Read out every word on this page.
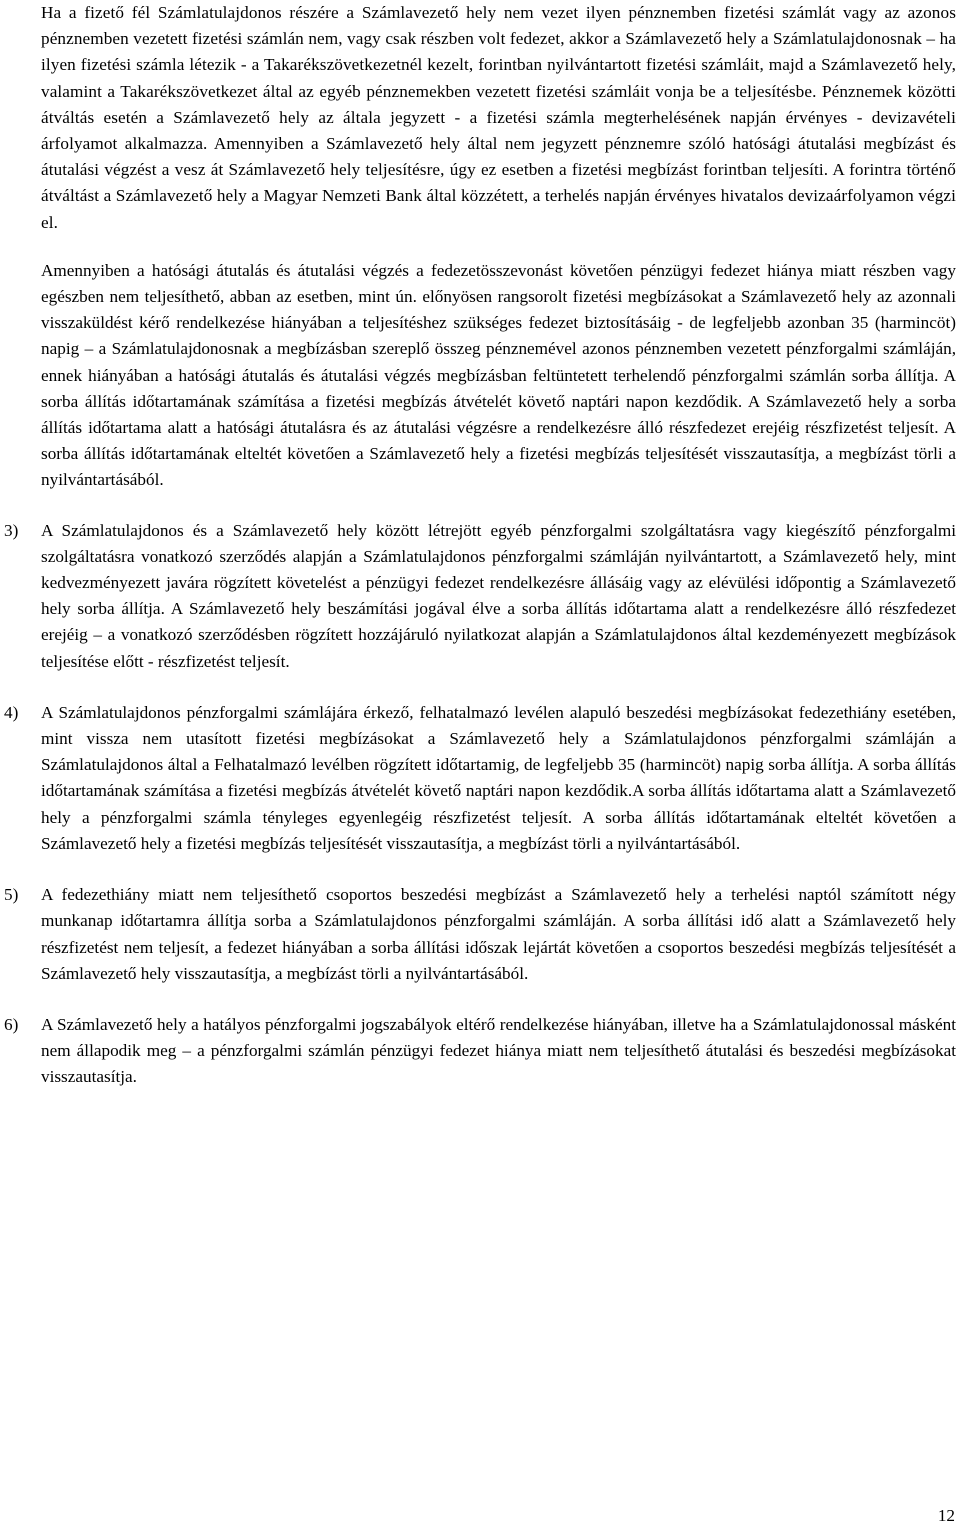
Ha a fizető fél Számlatulajdonos részére a Számlavezető hely nem vezet ilyen pénznemben fizetési számlát vagy az azonos pénznemben vezetett fizetési számlán nem, vagy csak részben volt fedezet, akkor a Számlavezető hely a Számlatulajdonosnak – ha ilyen fizetési számla létezik - a Takarékszövetkezetnél kezelt, forintban nyilvántartott fizetési számláit, majd a Számlavezető hely, valamint a Takarékszövetkezet által az egyéb pénznemekben vezetett fizetési számláit vonja be a teljesítésbe. Pénznemek közötti átváltás esetén a Számlavezető hely az általa jegyzett - a fizetési számla megterhelésének napján érvényes - devizavételi árfolyamot alkalmazza. Amennyiben a Számlavezető hely által nem jegyzett pénznemre szóló hatósági átutalási megbízást és átutalási végzést a vesz át Számlavezető hely teljesítésre, úgy ez esetben a fizetési megbízást forintban teljesíti. A forintra történő átváltást a Számlavezető hely a Magyar Nemzeti Bank által közzétett, a terhelés napján érvényes hivatalos devizaárfolyamon végzi el.

Amennyiben a hatósági átutalás és átutalási végzés a fedezetösszevonást követően pénzügyi fedezet hiánya miatt részben vagy egészben nem teljesíthető, abban az esetben, mint ún. előnyösen rangsorolt fizetési megbízásokat a Számlavezető hely az azonnali visszaküldést kérő rendelkezése hiányában a teljesítéshez szükséges fedezet biztosításáig - de legfeljebb azonban 35 (harmincöt) napig – a Számlatulajdonosnak a megbízásban szereplő összeg pénznemével azonos pénznemben vezetett pénzforgalmi számláján, ennek hiányában a hatósági átutalás és átutalási végzés megbízásban feltüntetett terhelendő pénzforgalmi számlán sorba állítja. A sorba állítás időtartamának számítása a fizetési megbízás átvételét követő naptári napon kezdődik. A Számlavezető hely a sorba állítás időtartama alatt a hatósági átutalásra és az átutalási végzésre a rendelkezésre álló részfedezet erejéig részfizetést teljesít. A sorba állítás időtartamának elteltét követően a Számlavezető hely a fizetési megbízás teljesítését visszautasítja, a megbízást törli a nyilvántartásából.

3) A Számlatulajdonos és a Számlavezető hely között létrejött egyéb pénzforgalmi szolgáltatásra vagy kiegészítő pénzforgalmi szolgáltatásra vonatkozó szerződés alapján a Számlatulajdonos pénzforgalmi számláján nyilvántartott, a Számlavezető hely, mint kedvezményezett javára rögzített követelést a pénzügyi fedezet rendelkezésre állásáig vagy az elévülési időpontig a Számlavezető hely sorba állítja. A Számlavezető hely beszámítási jogával élve a sorba állítás időtartama alatt a rendelkezésre álló részfedezet erejéig – a vonatkozó szerződésben rögzített hozzájáruló nyilatkozat alapján a Számlatulajdonos által kezdeményezett megbízások teljesítése előtt - részfizetést teljesít.

4) A Számlatulajdonos pénzforgalmi számlájára érkező, felhatalmazó levélen alapuló beszedési megbízásokat fedezethiány esetében, mint vissza nem utasított fizetési megbízásokat a Számlavezető hely a Számlatulajdonos pénzforgalmi számláján a Számlatulajdonos által a Felhatalmazó levélben rögzített időtartamig, de legfeljebb 35 (harmincöt) napig sorba állítja. A sorba állítás időtartamának számítása a fizetési megbízás átvételét követő naptári napon kezdődik.A sorba állítás időtartama alatt a Számlavezető hely a pénzforgalmi számla tényleges egyenlegéig részfizetést teljesít. A sorba állítás időtartamának elteltét követően a Számlavezető hely a fizetési megbízás teljesítését visszautasítja, a megbízást törli a nyilvántartásából.

5) A fedezethiány miatt nem teljesíthető csoportos beszedési megbízást a Számlavezető hely a terhelési naptól számított négy munkanap időtartamra állítja sorba a Számlatulajdonos pénzforgalmi számláján. A sorba állítási idő alatt a Számlavezető hely részfizetést nem teljesít, a fedezet hiányában a sorba állítási időszak lejártát követően a csoportos beszedési megbízás teljesítését a Számlavezető hely visszautasítja, a megbízást törli a nyilvántartásából.

6) A Számlavezető hely a hatályos pénzforgalmi jogszabályok eltérő rendelkezése hiányában, illetve ha a Számlatulajdonossal másként nem állapodik meg – a pénzforgalmi számlán pénzügyi fedezet hiánya miatt nem teljesíthető átutalási és beszedési megbízásokat visszautasítja.

12
